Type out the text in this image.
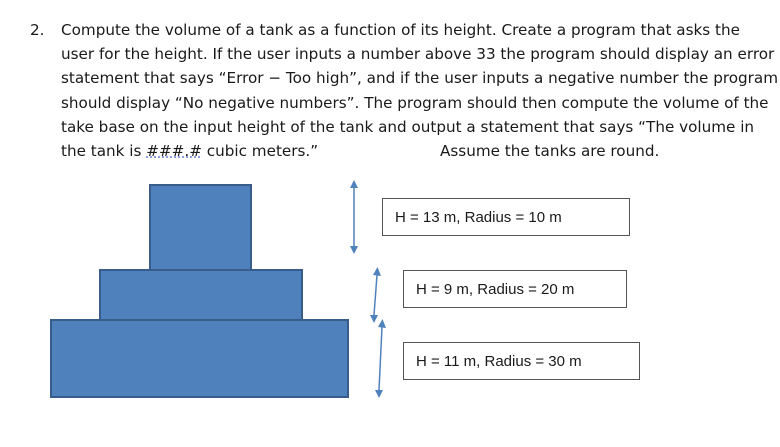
2. Compute the volume of a tank as a function of its height. Create a program that asks the
user for the height. If the user inputs a number above 33 the program should display an error
statement that says “Error − Too high”, and if the user inputs a negative number the program
should display “No negative numbers”. The program should then compute the volume of the
take base on the input height of the tank and output a statement that says “The volume in
the tank is ###.# cubic meters.”	Assume the tanks are round.
H = 13 m, Radius = 10 m
H = 9 m, Radius = 20 m
H = 11 m, Radius = 30 m
